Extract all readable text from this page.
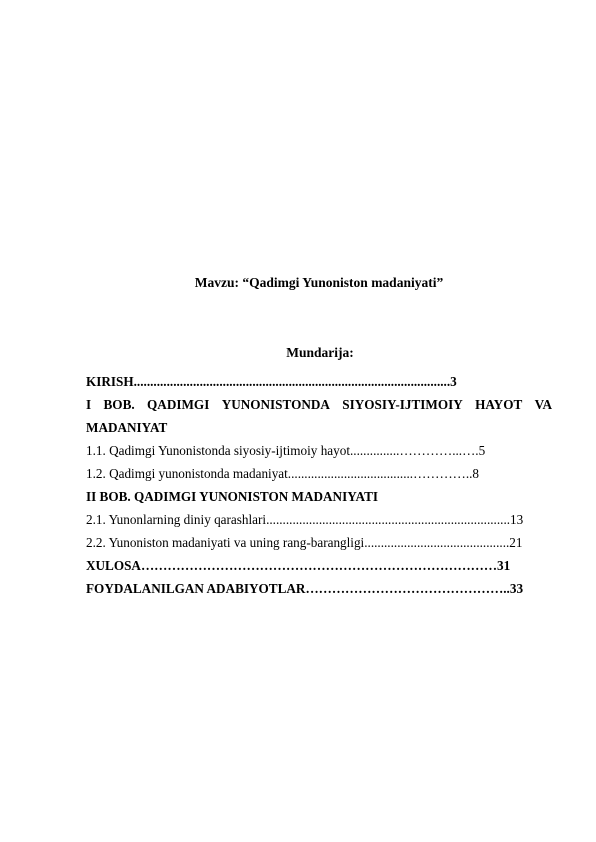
Mavzu: “Qadimgi Yunoniston madaniyati”
Mundarija:
KIRISH................................................................................................3
I BOB. QADIMGI YUNONISTONDA SIYOSIY-IJTIMOIY HAYOT VA
MADANIYAT
1.1. Qadimgi Yunonistonda siyosiy-ijtimoiy hayot...............…………...….5
1.2. Qadimgi yunonistonda madaniyat......................................…………..8
II BOB. QADIMGI YUNONISTON MADANIYATI
2.1. Yunonlarning diniy qarashlari..........................................................................13
2.2. Yunoniston madaniyati va uning rang-barangligi............................................21
XULOSA………………………………………………………………………31
FOYDALANILGAN ADABIYOTLAR………………………………………..33
